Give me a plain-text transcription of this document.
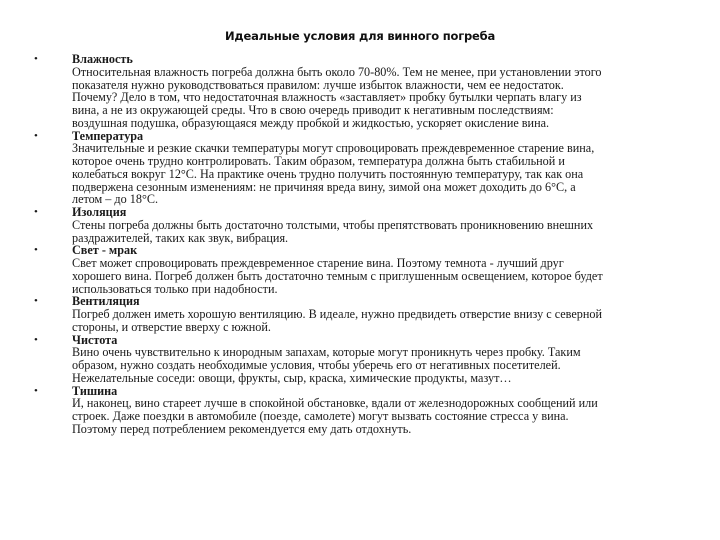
Идеальные условия для винного погреба
•	Влажность
Относительная влажность погреба должна быть около 70-80%. Тем не менее, при установлении этого
показателя нужно руководствоваться правилом: лучше избыток влажности, чем ее недостаток.
Почему? Дело в том, что недостаточная влажность «заставляет» пробку бутылки черпать влагу из
вина, а не из окружающей среды. Что в свою очередь приводит к негативным последствиям:
воздушная подушка, образующаяся между пробкой и жидкостью, ускоряет окисление вина.
•	Температура
Значительные и резкие скачки температуры могут спровоцировать преждевременное старение вина,
которое очень трудно контролировать. Таким образом, температура должна быть стабильной и
колебаться вокруг 12°С. На практике очень трудно получить постоянную температуру, так как она
подвержена сезонным изменениям: не причиняя вреда вину, зимой она может доходить до 6°С, а
летом – до 18°С.
•	Изоляция
Стены погреба должны быть достаточно толстыми, чтобы препятствовать проникновению внешних
раздражителей, таких как звук, вибрация.
•	Свет - мрак
Свет может спровоцировать преждевременное старение вина. Поэтому темнота - лучший друг
хорошего вина. Погреб должен быть достаточно темным с приглушенным освещением, которое будет
использоваться только при надобности.
•	Вентиляция
Погреб должен иметь хорошую вентиляцию. В идеале, нужно предвидеть отверстие внизу с северной
стороны, и отверстие вверху с южной.
•	Чистота
Вино очень чувствительно к инородным запахам, которые могут проникнуть через пробку. Таким
образом, нужно создать необходимые условия, чтобы уберечь его от негативных посетителей.
Нежелательные соседи: овощи, фрукты, сыр, краска, химические продукты, мазут…
•	Тишина
И, наконец, вино стареет лучше в спокойной обстановке, вдали от железнодорожных сообщений или
строек. Даже поездки в автомобиле (поезде, самолете) могут вызвать состояние стресса у вина.
Поэтому перед потреблением рекомендуется ему дать отдохнуть.
